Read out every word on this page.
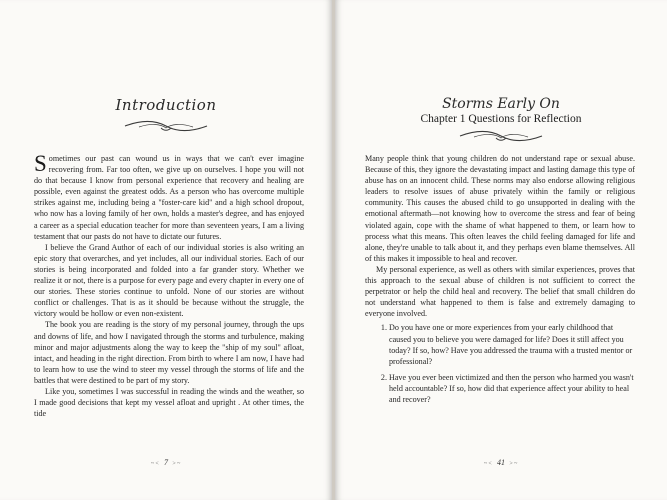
Introduction

Sometimes our past can wound us in ways that we can't ever imagine recovering from. Far too often, we give up on ourselves. I hope you will not do that because I know from personal experience that recovery and healing are possible, even against the greatest odds. As a person who has overcome multiple strikes against me, including being a "foster-care kid" and a high school dropout, who now has a loving family of her own, holds a master's degree, and has enjoyed a career as a special education teacher for more than seventeen years, I am a living testament that our pasts do not have to dictate our futures.

I believe the Grand Author of each of our individual stories is also writing an epic story that overarches, and yet includes, all our individual stories. Each of our stories is being incorporated and folded into a far grander story. Whether we realize it or not, there is a purpose for every page and every chapter in every one of our stories. These stories continue to unfold. None of our stories are without conflict or challenges. That is as it should be because without the struggle, the victory would be hollow or even non-existent.

The book you are reading is the story of my personal journey, through the ups and downs of life, and how I navigated through the storms and turbulence, making minor and major adjustments along the way to keep the "ship of my soul" afloat, intact, and heading in the right direction. From birth to where I am now, I have had to learn how to use the wind to steer my vessel through the storms of life and the battles that were destined to be part of my story.

Like you, sometimes I was successful in reading the winds and the weather, so I made good decisions that kept my vessel afloat and upright . At other times, the tide

~< 7 >~
Storms Early On
Chapter 1 Questions for Reflection

Many people think that young children do not understand rape or sexual abuse. Because of this, they ignore the devastating impact and lasting damage this type of abuse has on an innocent child. These norms may also endorse allowing religious leaders to resolve issues of abuse privately within the family or religious community. This causes the abused child to go unsupported in dealing with the emotional aftermath—not knowing how to overcome the stress and fear of being violated again, cope with the shame of what happened to them, or learn how to process what this means. This often leaves the child feeling damaged for life and alone, they're unable to talk about it, and they perhaps even blame themselves. All of this makes it impossible to heal and recover.

My personal experience, as well as others with similar experiences, proves that this approach to the sexual abuse of children is not sufficient to correct the perpetrator or help the child heal and recovery. The belief that small children do not understand what happened to them is false and extremely damaging to everyone involved.

1. Do you have one or more experiences from your early childhood that caused you to believe you were damaged for life? Does it still affect you today? If so, how? Have you addressed the trauma with a trusted mentor or professional?
2. Have you ever been victimized and then the person who harmed you wasn't held accountable? If so, how did that experience affect your ability to heal and recover?
~< 41 >~
